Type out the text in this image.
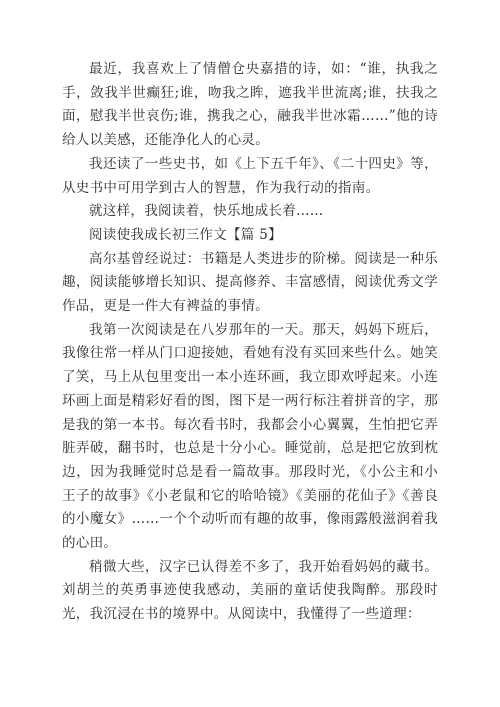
最近，我喜欢上了情僧仓央嘉措的诗，如：“谁，执我之手，敛我半世癫狂;谁，吻我之眸，遮我半世流离;谁，扶我之面，慰我半世哀伤;谁，携我之心，融我半世冰霜……”他的诗给人以美感，还能净化人的心灵。

我还读了一些史书，如《上下五千年》、《二十四史》等，从史书中可用学到古人的智慧，作为我行动的指南。

就这样，我阅读着，快乐地成长着……

阅读使我成长初三作文【篇 5】

高尔基曾经说过：书籍是人类进步的阶梯。阅读是一种乐趣，阅读能够增长知识、提高修养、丰富感情，阅读优秀文学作品，更是一件大有裨益的事情。

我第一次阅读是在八岁那年的一天。那天，妈妈下班后，我像往常一样从门口迎接她，看她有没有买回来些什么。她笑了笑，马上从包里变出一本小连环画，我立即欢呼起来。小连环画上面是精彩好看的图，图下是一两行标注着拼音的字，那是我的第一本书。每次看书时，我都会小心翼翼，生怕把它弄脏弄破，翻书时，也总是十分小心。睡觉前，总是把它放到枕边，因为我睡觉时总是看一篇故事。那段时光，《小公主和小王子的故事》《小老鼠和它的哈哈镜》《美丽的花仙子》《善良的小魔女》……一个个动听而有趣的故事，像雨露般滋润着我的心田。

稍微大些，汉字已认得差不多了，我开始看妈妈的藏书。刘胡兰的英勇事迹使我感动，美丽的童话使我陶醉。那段时光，我沉浸在书的境界中。从阅读中，我懂得了一些道理：
